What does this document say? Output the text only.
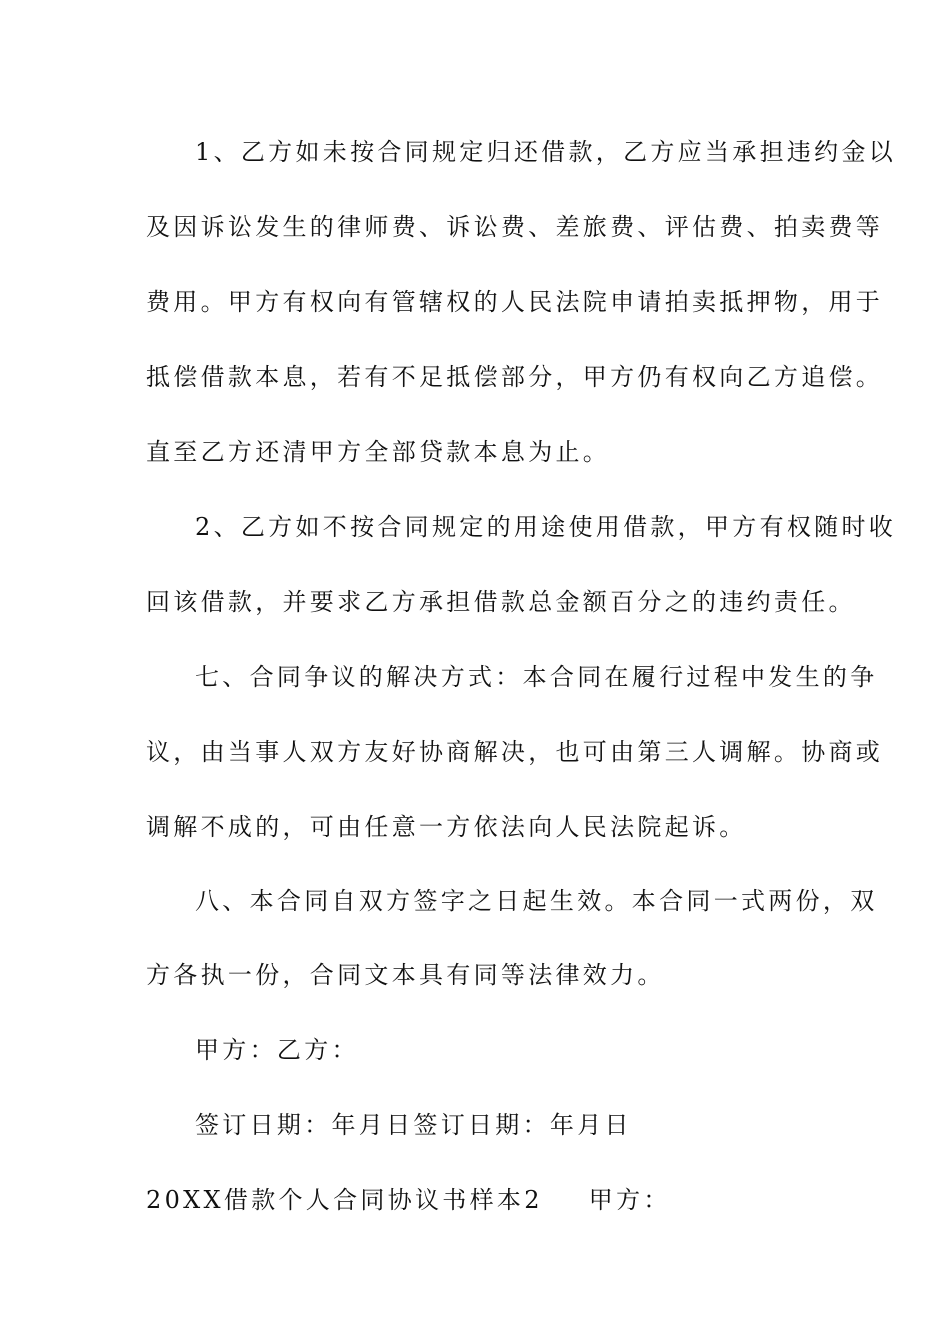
1、乙方如未按合同规定归还借款，乙方应当承担违约金以
及因诉讼发生的律师费、诉讼费、差旅费、评估费、拍卖费等
费用。甲方有权向有管辖权的人民法院申请拍卖抵押物，用于
抵偿借款本息，若有不足抵偿部分，甲方仍有权向乙方追偿。
直至乙方还清甲方全部贷款本息为止。
2、乙方如不按合同规定的用途使用借款，甲方有权随时收
回该借款，并要求乙方承担借款总金额百分之的违约责任。
七、合同争议的解决方式：本合同在履行过程中发生的争
议，由当事人双方友好协商解决，也可由第三人调解。协商或
调解不成的，可由任意一方依法向人民法院起诉。
八、本合同自双方签字之日起生效。本合同一式两份，双
方各执一份，合同文本具有同等法律效力。
甲方：乙方：
签订日期：年月日签订日期：年月日
20XX借款个人合同协议书样本2 甲方：
